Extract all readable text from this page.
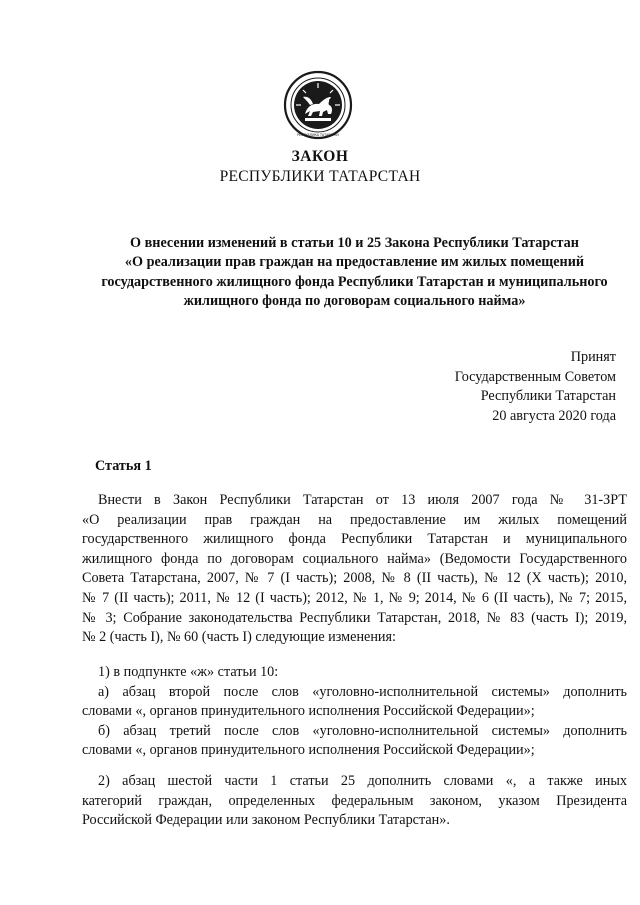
РЕСПУБЛИКА ТАТАРСТАН
ЗАКОН
РЕСПУБЛИКИ ТАТАРСТАН
О внесении изменений в статьи 10 и 25 Закона Республики Татарстан
«О реализации прав граждан на предоставление им жилых помещений
государственного жилищного фонда Республики Татарстан и муниципального
жилищного фонда по договорам социального найма»
Принят
Государственным Советом
Республики Татарстан
20 августа 2020 года
Статья 1
Внести в Закон Республики Татарстан от 13 июля 2007 года № 31-ЗРТ
«О реализации прав граждан на предоставление им жилых помещений
государственного жилищного фонда Республики Татарстан и муниципального
жилищного фонда по договорам социального найма» (Ведомости Государственного
Совета Татарстана, 2007, № 7 (I часть); 2008, № 8 (II часть), № 12 (X часть); 2010,
№ 7 (II часть); 2011, № 12 (I часть); 2012, № 1, № 9; 2014, № 6 (II часть), № 7; 2015,
№ 3; Собрание законодательства Республики Татарстан, 2018, № 83 (часть I); 2019,
№ 2 (часть I), № 60 (часть I) следующие изменения:
1) в подпункте «ж» статьи 10:
а) абзац второй после слов «уголовно-исполнительной системы» дополнить
словами «, органов принудительного исполнения Российской Федерации»;
б) абзац третий после слов «уголовно-исполнительной системы» дополнить
словами «, органов принудительного исполнения Российской Федерации»;
2) абзац шестой части 1 статьи 25 дополнить словами «, а также иных
категорий граждан, определенных федеральным законом, указом Президента
Российской Федерации или законом Республики Татарстан».
